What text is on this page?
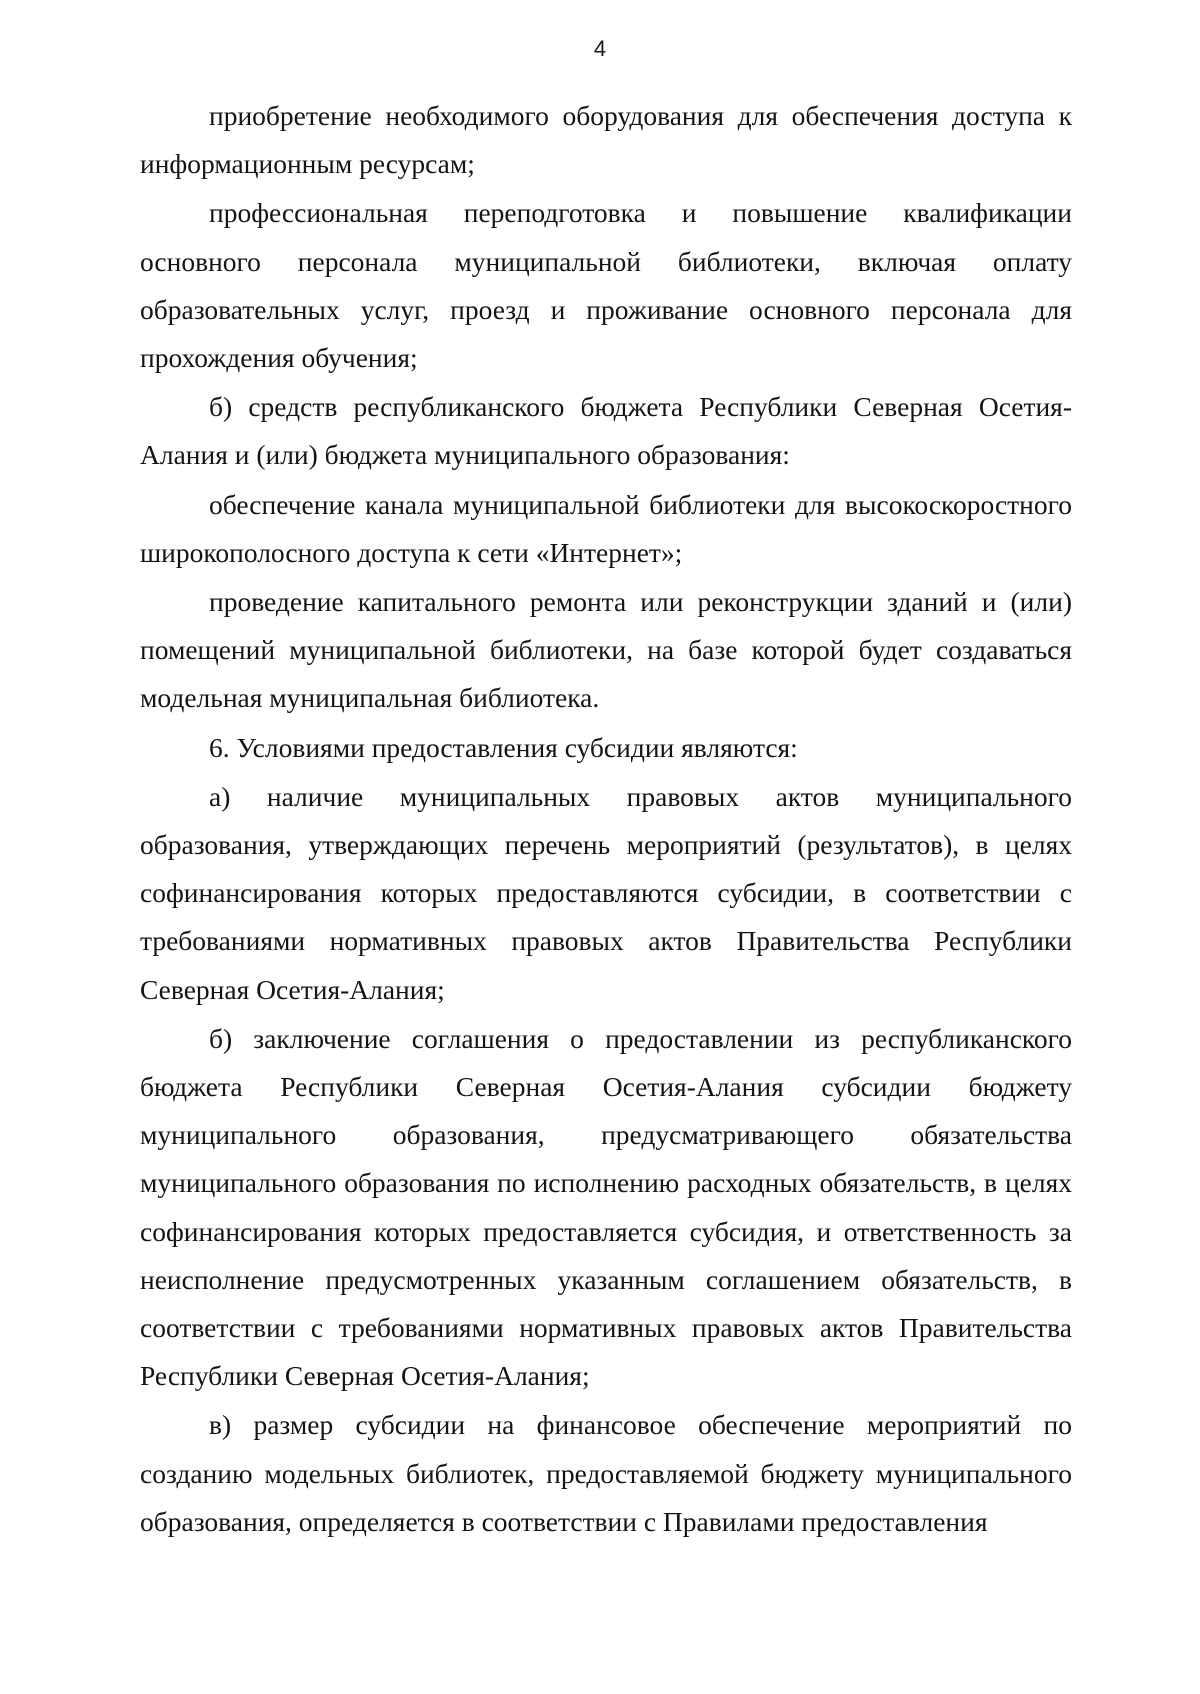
4

приобретение необходимого оборудования для обеспечения доступа к информационным ресурсам;

профессиональная переподготовка и повышение квалификации основного персонала муниципальной библиотеки, включая оплату образовательных услуг, проезд и проживание основного персонала для прохождения обучения;

б) средств республиканского бюджета Республики Северная Осетия-Алания и (или) бюджета муниципального образования:

обеспечение канала муниципальной библиотеки для высокоскоростного широкополосного доступа к сети «Интернет»;

проведение капитального ремонта или реконструкции зданий и (или) помещений муниципальной библиотеки, на базе которой будет создаваться модельная муниципальная библиотека.

6. Условиями предоставления субсидии являются:

а) наличие муниципальных правовых актов муниципального образования, утверждающих перечень мероприятий (результатов), в целях софинансирования которых предоставляются субсидии, в соответствии с требованиями нормативных правовых актов Правительства Республики Северная Осетия-Алания;

б) заключение соглашения о предоставлении из республиканского бюджета Республики Северная Осетия-Алания субсидии бюджету муниципального образования, предусматривающего обязательства муниципального образования по исполнению расходных обязательств, в целях софинансирования которых предоставляется субсидия, и ответственность за неисполнение предусмотренных указанным соглашением обязательств, в соответствии с требованиями нормативных правовых актов Правительства Республики Северная Осетия-Алания;

в) размер субсидии на финансовое обеспечение мероприятий по созданию модельных библиотек, предоставляемой бюджету муниципального образования, определяется в соответствии с Правилами предоставления
